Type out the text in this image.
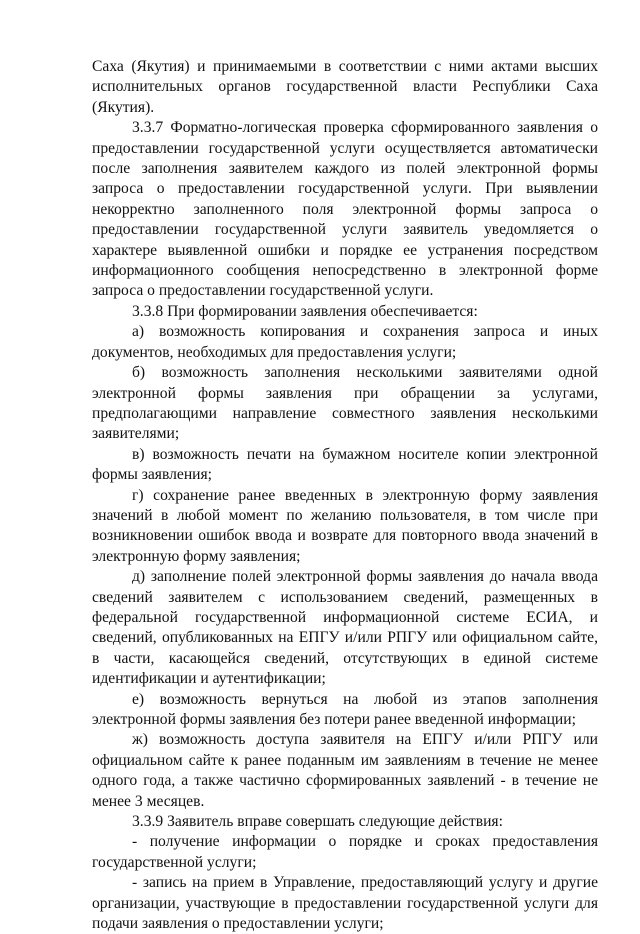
Саха (Якутия) и принимаемыми в соответствии с ними актами высших исполнительных органов государственной власти Республики Саха (Якутия).

3.3.7 Форматно-логическая проверка сформированного заявления о предоставлении государственной услуги осуществляется автоматически после заполнения заявителем каждого из полей электронной формы запроса о предоставлении государственной услуги. При выявлении некорректно заполненного поля электронной формы запроса о предоставлении государственной услуги заявитель уведомляется о характере выявленной ошибки и порядке ее устранения посредством информационного сообщения непосредственно в электронной форме запроса о предоставлении государственной услуги.

3.3.8 При формировании заявления обеспечивается:

а) возможность копирования и сохранения запроса и иных документов, необходимых для предоставления услуги;

б) возможность заполнения несколькими заявителями одной электронной формы заявления при обращении за услугами, предполагающими направление совместного заявления несколькими заявителями;

в) возможность печати на бумажном носителе копии электронной формы заявления;

г) сохранение ранее введенных в электронную форму заявления значений в любой момент по желанию пользователя, в том числе при возникновении ошибок ввода и возврате для повторного ввода значений в электронную форму заявления;

д) заполнение полей электронной формы заявления до начала ввода сведений заявителем с использованием сведений, размещенных в федеральной государственной информационной системе ЕСИА, и сведений, опубликованных на ЕПГУ и/или РПГУ или официальном сайте, в части, касающейся сведений, отсутствующих в единой системе идентификации и аутентификации;

е) возможность вернуться на любой из этапов заполнения электронной формы заявления без потери ранее введенной информации;

ж) возможность доступа заявителя на ЕПГУ и/или РПГУ или официальном сайте к ранее поданным им заявлениям в течение не менее одного года, а также частично сформированных заявлений - в течение не менее 3 месяцев.

3.3.9 Заявитель вправе совершать следующие действия:

- получение информации о порядке и сроках предоставления государственной услуги;

- запись на прием в Управление, предоставляющий услугу и другие организации, участвующие в предоставлении государственной услуги для подачи заявления о предоставлении услуги;
